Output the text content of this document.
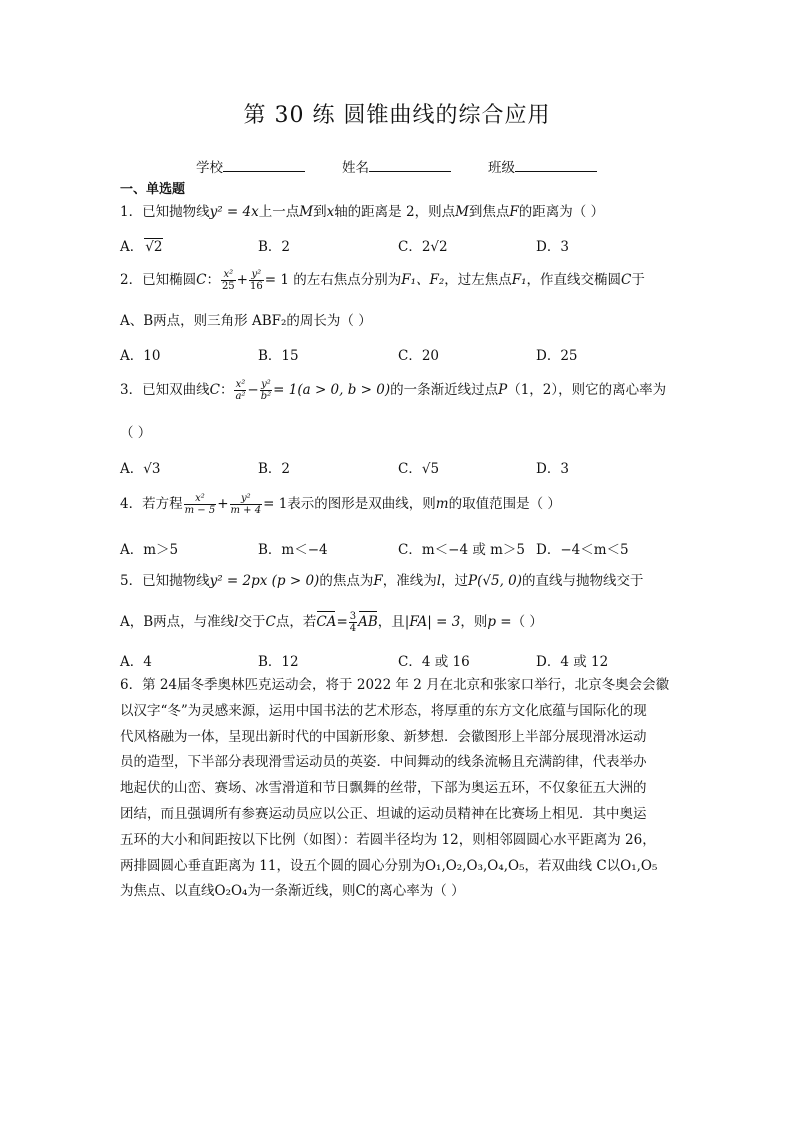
第 30 练 圆锥曲线的综合应用
学校	姓名	班级
一、单选题
1．已知抛物线y² = 4x上一点M到x轴的距离是 2，则点M到焦点F的距离为（ ）
A． √2	B．2	C．2√2	D．3
2．已知椭圆C： $\frac{\text{x²}}{25} + \frac{\text{y²}}{16} = 1$ 的左右焦点分别为F₁、F₂，过左焦点F₁，作直线交椭圆C于
A、B两点，则三角形 ABF₂的周长为（ ）
A．10	B．15	C．20	D．25
3．已知双曲线C： $\frac{\text{x²}}{\text{a²}} - \frac{\text{y²}}{\text{b²}} = 1(a > 0$, b > 0)的一条渐近线过点P（1，2），则它的离心率为
（ ）
A．√3	B．2	C．√5	D．3
4．若方程 $\frac{\text{x²}}{m - 5} + \frac{\text{y²}}{m + 4} = 1$表示的图形是双曲线，则m的取值范围是（ ）
A．m＞5	B．m＜−4	C．m＜−4 或 m＞5 D．−4＜m＜5
5．已知抛物线y² = 2px (p > 0)的焦点为F，准线为l，过P(√5, 0)的直线与抛物线交于
A，B两点，与准线l交于C点，若$CA= \frac{3}{4}$ AB，且|FA| = 3，则p =（ ）
A．4	B．12	C．4 或 16	D．4 或 12
6．第 24届冬季奥林匹克运动会，将于 2022 年 2 月在北京和张家口举行，北京冬奥会会徽
以汉字“冬”为灵感来源，运用中国书法的艺术形态，将厚重的东方文化底蕴与国际化的现
代风格融为一体，呈现出新时代的中国新形象、新梦想．会徽图形上半部分展现滑冰运动
员的造型，下半部分表现滑雪运动员的英姿．中间舞动的线条流畅且充满韵律，代表举办
地起伏的山峦、赛场、冰雪滑道和节日飘舞的丝带，下部为奥运五环，不仅象征五大洲的
团结，而且强调所有参赛运动员应以公正、坦诚的运动员精神在比赛场上相见．其中奥运
五环的大小和间距按以下比例（如图）：若圆半径均为 12，则相邻圆圆心水平距离为 26，
两排圆圆心垂直距离为 11，设五个圆的圆心分别为O₁,O₂,O₃,O₄,O₅，若双曲线 C以O₁,O₅
为焦点、以直线O₂O₄为一条渐近线，则C的离心率为（ ）
